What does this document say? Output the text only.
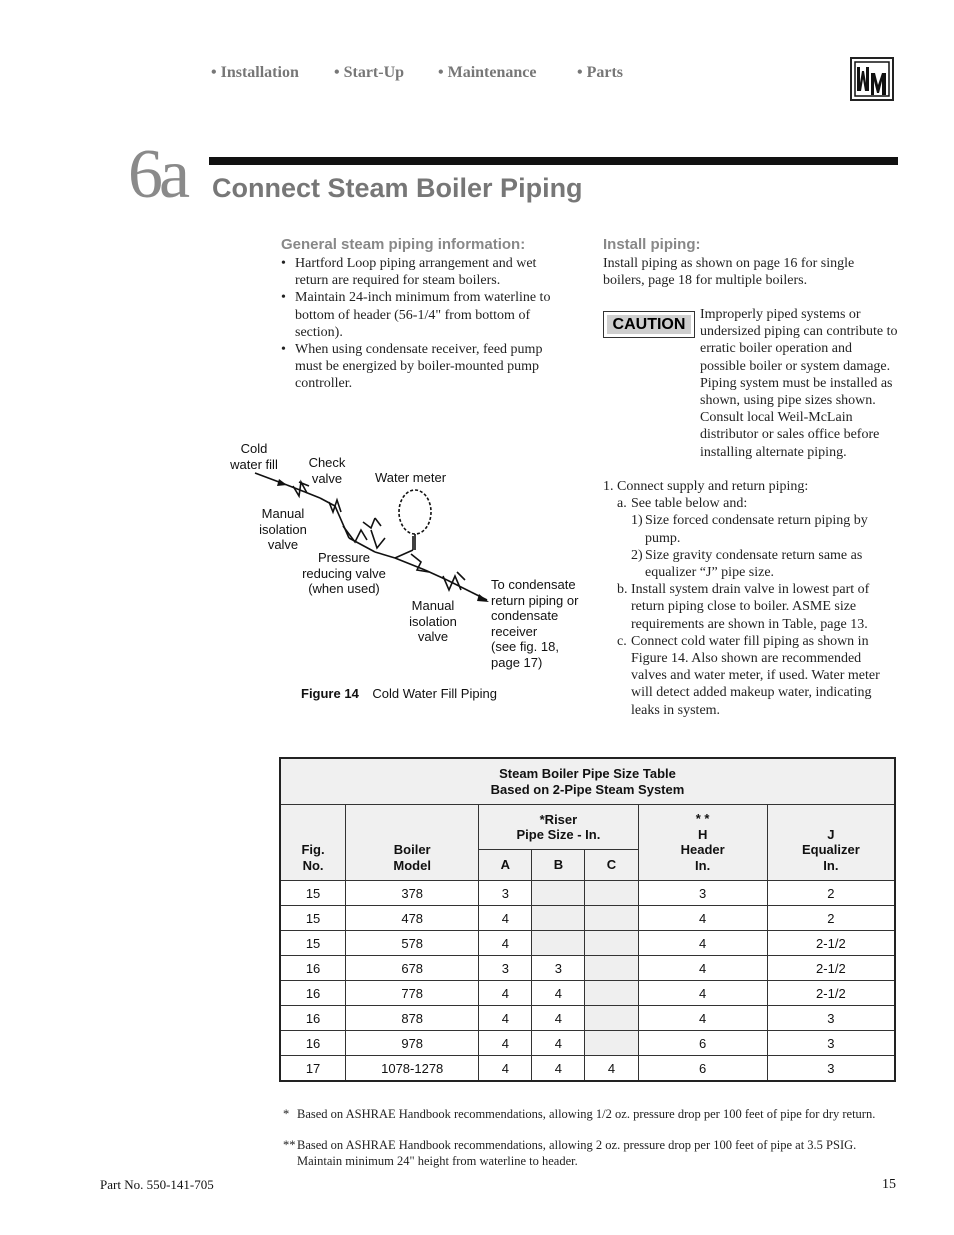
• Installation • Start-Up • Maintenance	• Parts
6a Connect Steam Boiler Piping
General steam piping information:
• Hartford Loop piping arrangement and wet return are required for steam boilers.
• Maintain 24-inch minimum from waterline to bottom of header (56-1/4" from bottom of section).
• When using condensate receiver, feed pump must be energized by boiler-mounted pump controller.
Cold
water fill Check
valve	Water meter
Manual
isolation
valve
Pressure
reducing valve
(when used)
Manual
isolation
valve
To condensate
return piping or
condensate
receiver
(see fig. 18,
page 17)
Figure 14 Cold Water Fill Piping
Install piping:
Install piping as shown on page 16 for single boilers, page 18 for multiple boilers.
CAUTION
Improperly piped systems or undersized piping can contribute to erratic boiler operation and possible boiler or system damage. Piping system must be installed as shown, using pipe sizes shown. Consult local Weil-McLain distributor or sales office before installing alternate piping.
1. Connect supply and return piping:
a. See table below and:
1) Size forced condensate return piping by pump.
2) Size gravity condensate return same as equalizer “J” pipe size.
b. Install system drain valve in lowest part of return piping close to boiler. ASME size requirements are shown in Table, page 13.
c. Connect cold water fill piping as shown in Figure 14. Also shown are recommended valves and water meter, if used. Water meter will detect added makeup water, indicating leaks in system.
Steam Boiler Pipe Size Table
Based on 2-Pipe Steam System						

Fig.
No.	Boiler
Model	*Riser
Pipe Size - In.			* *
H
Header
In.	J
Equalizer
In.
		A	B	C		
15	378	3			3	2
15	478	4			4	2
15	578	4			4	2-1/2
16	678	3	3		4	2-1/2
16	778	4	4		4	2-1/2
16	878	4	4		4	3
16	978	4	4		6	3
17	1078-1278	4	4	4	6	3
* Based on ASHRAE Handbook recommendations, allowing 1/2 oz. pressure drop per 100 feet of pipe for dry return.
** Based on ASHRAE Handbook recommendations, allowing 2 oz. pressure drop per 100 feet of pipe at 3.5 PSIG. Maintain minimum 24" height from waterline to header.
Part No. 550-141-705	15
